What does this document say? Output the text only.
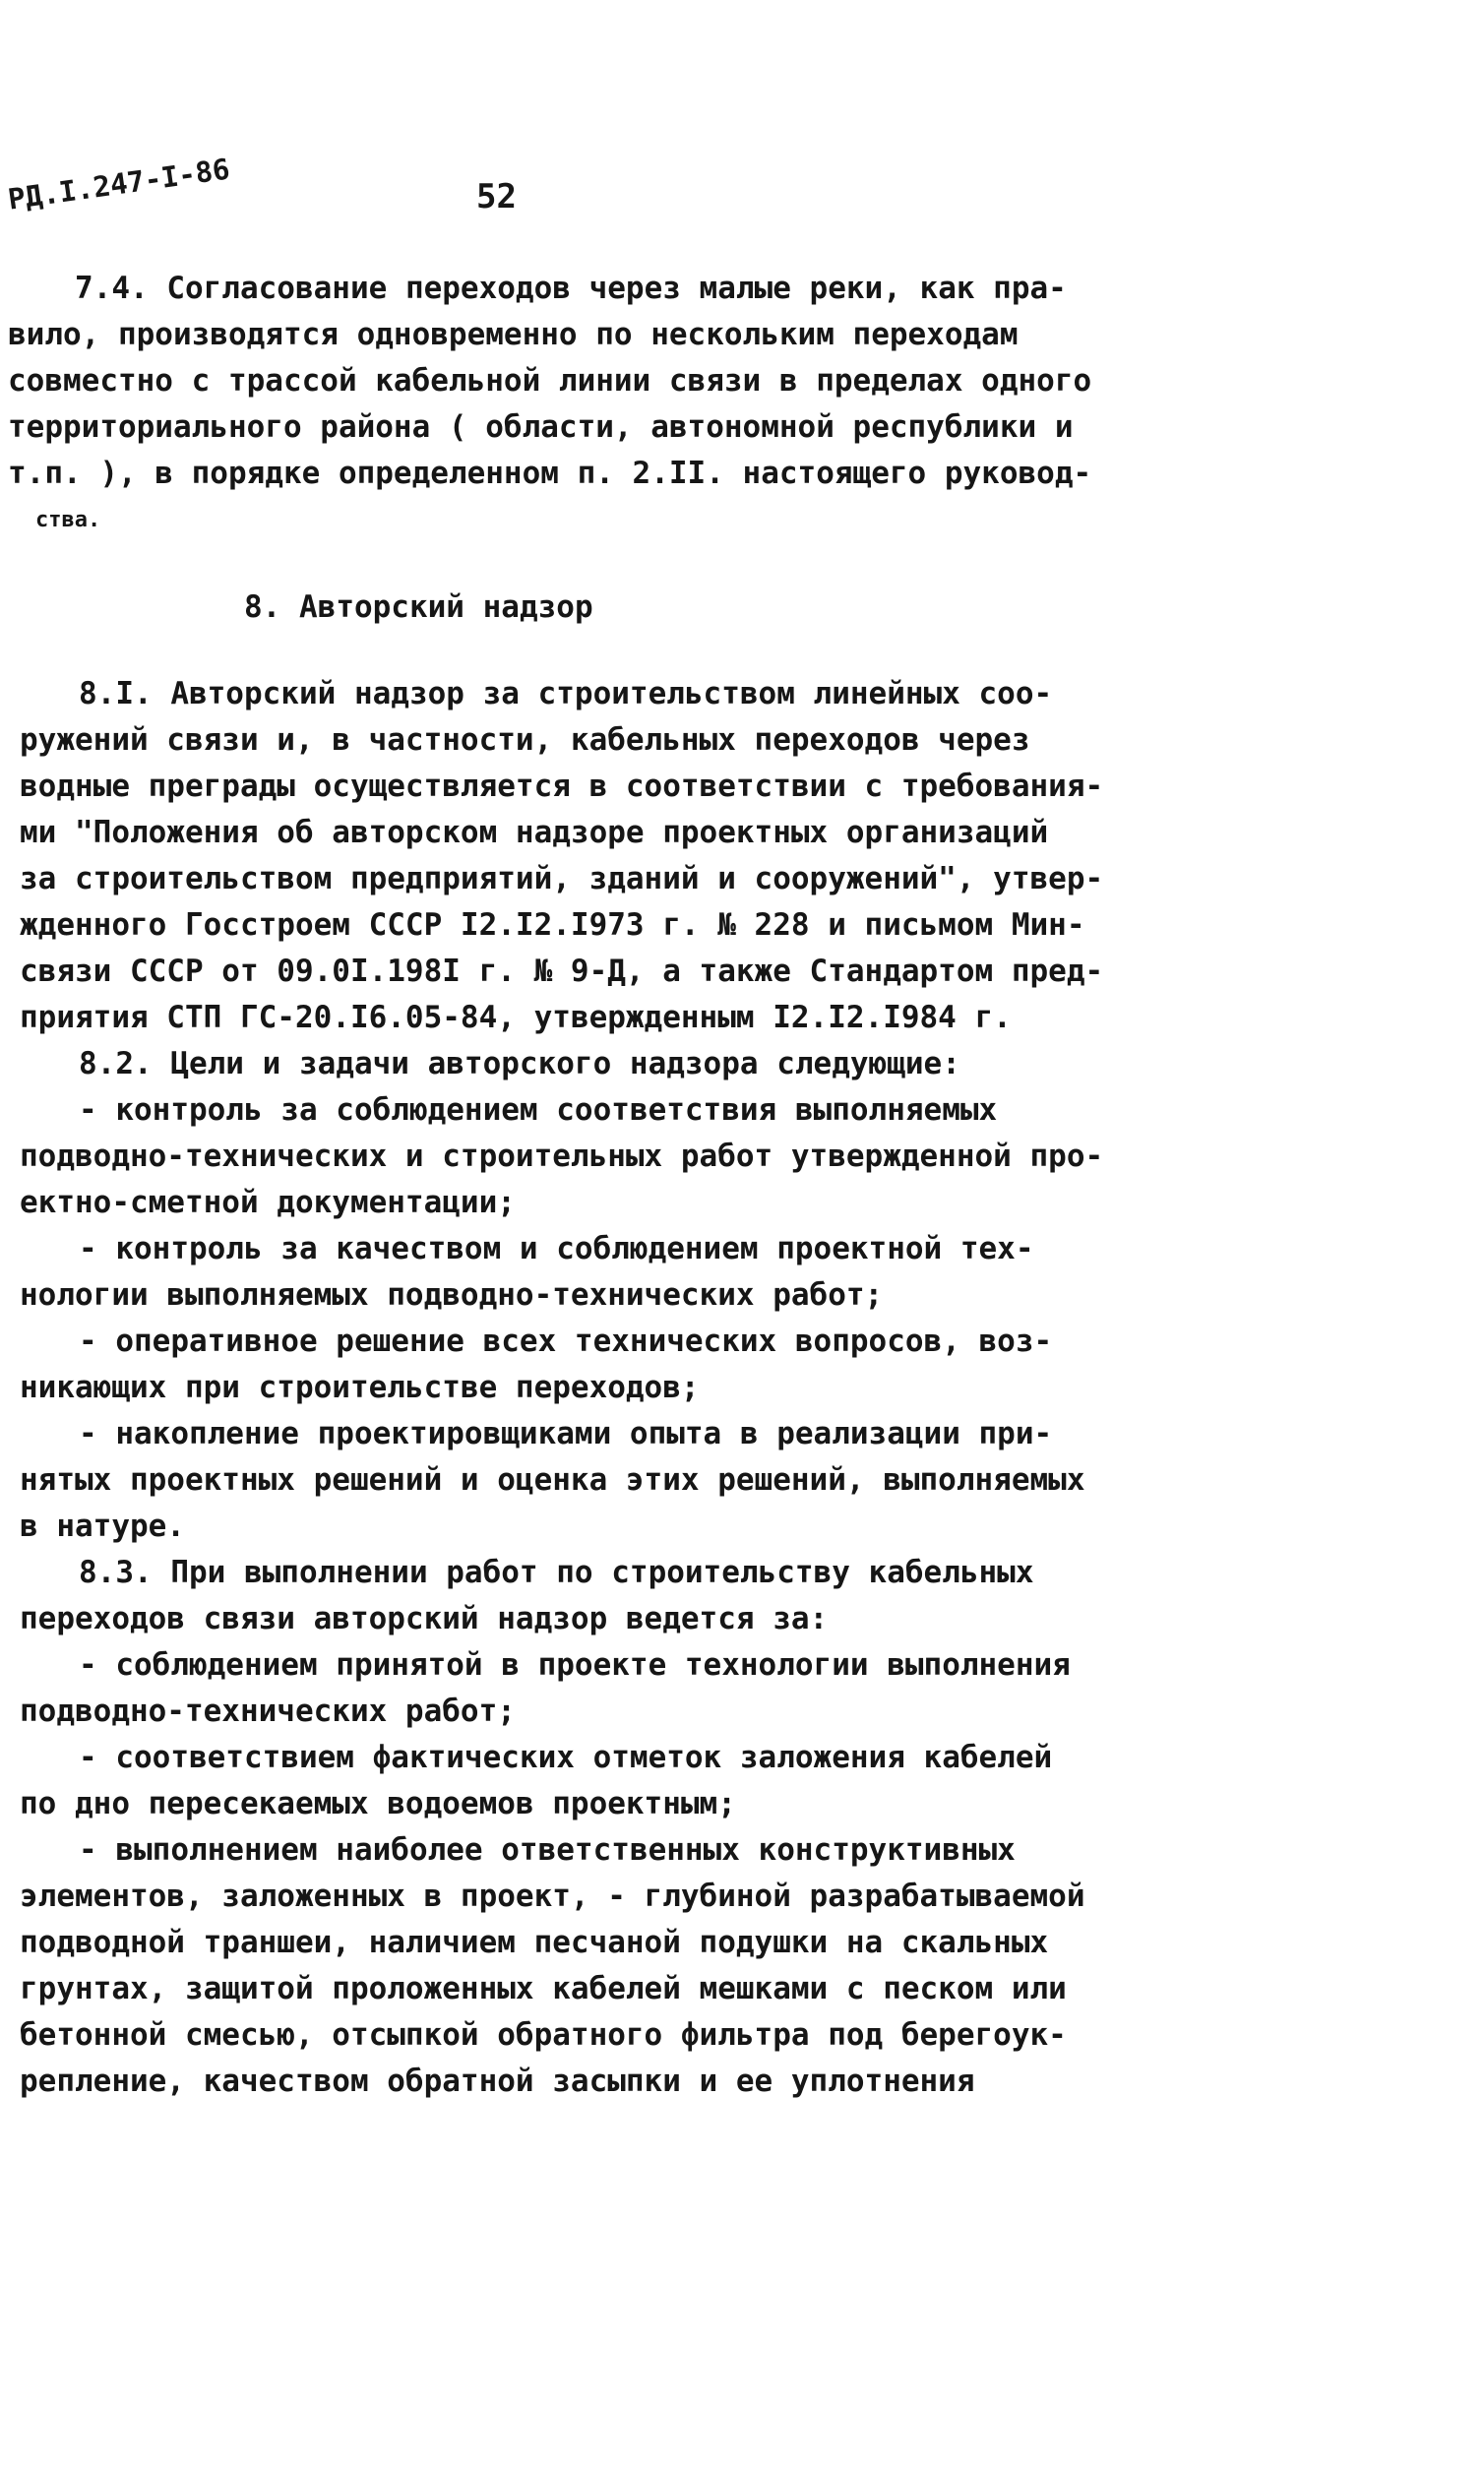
РД.I.247-I-86	52
7.4. Согласование переходов через малые реки, как пра-
вило, производятся одновременно по нескольким переходам
совместно с трассой кабельной линии связи в пределах одного
территориального района ( области, автономной республики и
т.п. ), в порядке определенном п. 2.II. настоящего руковод-
ства.
8. Авторский надзор
8.I. Авторский надзор за строительством линейных соо-
ружений связи и, в частности, кабельных переходов через
водные преграды осуществляется в соответствии с требования-
ми "Положения об авторском надзоре проектных организаций
за строительством предприятий, зданий и сооружений", утвер-
жденного Госстроем СССР I2.I2.I973 г. № 228 и письмом Мин-
связи СССР от 09.0I.198I г. № 9-Д, а также Стандартом пред-
приятия СТП ГС-20.I6.05-84, утвержденным I2.I2.I984 г.
8.2. Цели и задачи авторского надзора следующие:
- контроль за соблюдением соответствия выполняемых
подводно-технических и строительных работ утвержденной про-
ектно-сметной документации;
- контроль за качеством и соблюдением проектной тех-
нологии выполняемых подводно-технических работ;
- оперативное решение всех технических вопросов, воз-
никающих при строительстве переходов;
- накопление проектировщиками опыта в реализации при-
нятых проектных решений и оценка этих решений, выполняемых
в натуре.
8.3. При выполнении работ по строительству кабельных
переходов связи авторский надзор ведется за:
- соблюдением принятой в проекте технологии выполнения
подводно-технических работ;
- соответствием фактических отметок заложения кабелей
по дно пересекаемых водоемов проектным;
- выполнением наиболее ответственных конструктивных
элементов, заложенных в проект, - глубиной разрабатываемой
подводной траншеи, наличием песчаной подушки на скальных
грунтах, защитой проложенных кабелей мешками с песком или
бетонной смесью, отсыпкой обратного фильтра под берегоук-
репление, качеством обратной засыпки и ее уплотнения
